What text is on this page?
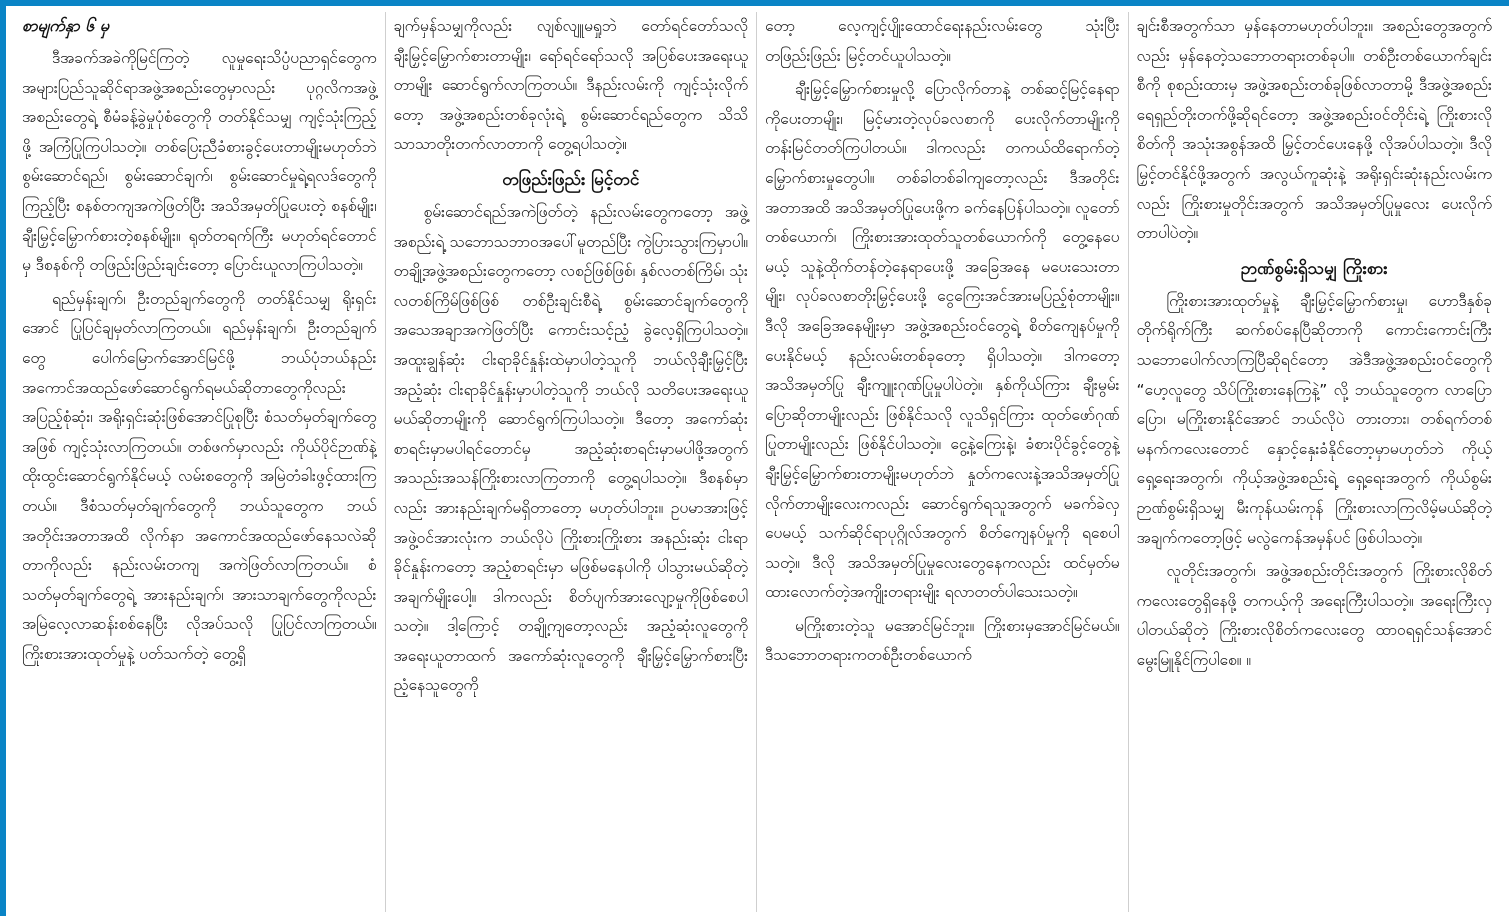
စာမျက်နှာ ၆ မှ

ဒီအခက်အခဲကိုမြင်ကြတဲ့ လူမှုရေးသိပ္ပံပညာရှင်တွေက အများပြည်သူဆိုင်ရာအဖွဲ့အစည်းတွေမှာလည်း ပုဂ္ဂလိကအဖွဲ့အစည်းတွေရဲ့ စီမံခန့်ခွဲမှုပုံစံတွေကို တတ်နိုင်သမျှ ကျင့်သုံးကြည့်ဖို့ အကြံပြုကြပါသတဲ့။ တစ်ပြေးညီခံစားခွင့်ပေးတာမျိုးမဟုတ်ဘဲ စွမ်းဆောင်ရည်၊ စွမ်းဆောင်ချက်၊ စွမ်းဆောင်မှုရဲ့ရလဒ်တွေကို ကြည့်ပြီး စနစ်တကျအကဲဖြတ်ပြီး အသိအမှတ်ပြုပေးတဲ့ စနစ်မျိုး၊ ချီးမြှင့်မြှောက်စားတဲ့စနစ်မျိုး။ ရုတ်တရက်ကြီး မဟုတ်ရင်တောင်မှ ဒီစနစ်ကို တဖြည်းဖြည်းချင်းတော့ ပြောင်းယူလာကြပါသတဲ့။

ရည်မှန်းချက်၊ ဦးတည်ချက်တွေကို တတ်နိုင်သမျှ ရိုးရှင်းအောင် ပြုပြင်ချမှတ်လာကြတယ်။ ရည်မှန်းချက်၊ ဦးတည်ချက်တွေ ပေါက်မြောက်အောင်မြင်ဖို့ ဘယ်ပုံဘယ်နည်း အကောင်အထည်ဖော်ဆောင်ရွက်ရမယ်ဆိုတာတွေကိုလည်း အပြည့်စုံဆုံး၊ အရိုးရှင်းဆုံးဖြစ်အောင်ပြုစုပြီး စံသတ်မှတ်ချက်တွေအဖြစ် ကျင့်သုံးလာကြတယ်။ တစ်ဖက်မှာလည်း ကိုယ်ပိုင်ဉာဏ်နဲ့ ထိုးထွင်းဆောင်ရွက်နိုင်မယ့် လမ်းစတွေကို အမြဲတံခါးဖွင့်ထားကြတယ်။ ဒီစံသတ်မှတ်ချက်တွေကို ဘယ်သူတွေက ဘယ်အတိုင်းအတာအထိ လိုက်နာ အကောင်အထည်ဖော်နေသလဲဆိုတာကိုလည်း နည်းလမ်းတကျ အကဲဖြတ်လာကြတယ်။ စံသတ်မှတ်ချက်တွေရဲ့ အားနည်းချက်၊ အားသာချက်တွေကိုလည်း အမြဲလေ့လာဆန်းစစ်နေပြီး လိုအပ်သလို ပြုပြင်လာကြတယ်။ ကြိုးစားအားထုတ်မှုနဲ့ ပတ်သက်တဲ့ တွေ့ရှိ

ချက်မှန်သမျှကိုလည်း လျစ်လျူမရှုဘဲ တော်ရင်တော်သလို ချီးမြှင့်မြှောက်စားတာမျိုး၊ ရော်ရင်ရော်သလို အပြစ်ပေးအရေးယူတာမျိုး ဆောင်ရွက်လာကြတယ်။ ဒီနည်းလမ်းကို ကျင့်သုံးလိုက်တော့ အဖွဲ့အစည်းတစ်ခုလုံးရဲ့ စွမ်းဆောင်ရည်တွေက သိသိသာသာတိုးတက်လာတာကို တွေ့ရပါသတဲ့။

တဖြည်းဖြည်း မြင့်တင်

စွမ်းဆောင်ရည်အကဲဖြတ်တဲ့ နည်းလမ်းတွေကတော့ အဖွဲ့အစည်းရဲ့ သဘောသဘာဝအပေါ်မူတည်ပြီး ကွဲပြားသွားကြမှာပါ။ တချို့အဖွဲ့အစည်းတွေကတော့ လစဉ်ဖြစ်ဖြစ်၊ နှစ်လတစ်ကြိမ်၊ သုံးလတစ်ကြိမ်ဖြစ်ဖြစ် တစ်ဦးချင်းစီရဲ့ စွမ်းဆောင်ချက်တွေကို အသေအချာအကဲဖြတ်ပြီး ကောင်းသင့်ညံ့ ခွဲလေ့ရှိကြပါသတဲ့။ အထူးချွန်ဆုံး ငါးရာခိုင်နှုန်းထဲမှာပါတဲ့သူကို ဘယ်လိုချီးမြှင့်ပြီး အညံ့ဆုံး ငါးရာခိုင်နှုန်းမှာပါတဲ့သူကို ဘယ်လို သတိပေးအရေးယူမယ်ဆိုတာမျိုးကို ဆောင်ရွက်ကြပါသတဲ့။ ဒီတော့ အကော်ဆုံးစာရင်းမှာမပါရင်တောင်မှ အညံ့ဆုံးစာရင်းမှာမပါဖို့အတွက် အသည်းအသန်ကြိုးစားလာကြတာကို တွေ့ရပါသတဲ့။ ဒီစနစ်မှာလည်း အားနည်းချက်မရှိတာတော့ မဟုတ်ပါဘူး။ ဥပမာအားဖြင့် အဖွဲ့ဝင်အားလုံးက ဘယ်လိုပဲ ကြိုးစားကြိုးစား အနည်းဆုံး ငါးရာခိုင်နှုန်းကတော့ အညံ့စာရင်းမှာ မဖြစ်မနေပါကို ပါသွားမယ်ဆိုတဲ့ အချက်မျိုးပေါ့။ ဒါကလည်း စိတ်ပျက်အားလျော့မှုကိုဖြစ်စေပါသတဲ့။ ဒါ့ကြောင့် တချို့ကျတော့လည်း အညံ့ဆုံးလူတွေကိုအရေးယူတာထက် အကော်ဆုံးလူတွေကို ချီးမြှင့်မြှောက်စားပြီး ညံ့နေသူတွေကို

တော့ လေ့ကျင့်ပျိုးထောင်ရေးနည်းလမ်းတွေ သုံးပြီး တဖြည်းဖြည်း မြင့်တင်ယူပါသတဲ့။

ချီးမြှင့်မြှောက်စားမှုလို့ ပြောလိုက်တာနဲ့ တစ်ဆင့်မြင့်နေရာကိုပေးတာမျိုး၊ မြင့်မားတဲ့လုပ်ခလစာကို ပေးလိုက်တာမျိုးကို တန်းမြင်တတ်ကြပါတယ်။ ဒါကလည်း တကယ်ထိရောက်တဲ့မြှောက်စားမှုတွေပါ။ တစ်ခါတစ်ခါကျတော့လည်း ဒီအတိုင်း အတာအထိ အသိအမှတ်ပြုပေးဖို့က ခက်နေပြန်ပါသတဲ့။ လူတော်တစ်ယောက်၊ ကြိုးစားအားထုတ်သူတစ်ယောက်ကို တွေ့နေပေမယ့် သူနဲ့ထိုက်တန်တဲ့နေရာပေးဖို့ အခြေအနေ မပေးသေးတာမျိုး၊ လုပ်ခလစာတိုးမြှင့်ပေးဖို့ ငွေကြေးအင်အားမပြည့်စုံတာမျိုး။ ဒီလို အခြေအနေမျိုးမှာ အဖွဲ့အစည်းဝင်တွေရဲ့ စိတ်ကျေနပ်မှုကိုပေးနိုင်မယ့် နည်းလမ်းတစ်ခုတော့ ရှိပါသတဲ့။ ဒါကတော့ အသိအမှတ်ပြု ချီးကျူးဂုဏ်ပြုမှုပါပဲတဲ့။ နှစ်ကိုယ်ကြား ချီးမွမ်းပြောဆိုတာမျိုးလည်း ဖြစ်နိုင်သလို လူသိရှင်ကြား ထုတ်ဖော်ဂုဏ်ပြုတာမျိုးလည်း ဖြစ်နိုင်ပါသတဲ့။ ငွေ့နဲ့ကြေးနဲ့၊ ခံစားပိုင်ခွင့်တွေနဲ့ ချီးမြှင့်မြှောက်စားတာမျိုးမဟုတ်ဘဲ နှုတ်ကလေးနဲ့အသိအမှတ်ပြုလိုက်တာမျိုးလေးကလည်း ဆောင်ရွက်ရသူအတွက် မခက်ခဲလှပေမယ့် သက်ဆိုင်ရာပုဂ္ဂိုလ်အတွက် စိတ်ကျေနပ်မှုကို ရစေပါသတဲ့။ ဒီလို အသိအမှတ်ပြုမှုလေးတွေနေကလည်း ထင်မှတ်မထားလောက်တဲ့အကျိုးတရားမျိုး ရလာတတ်ပါသေးသတဲ့။

မကြိုးစားတဲ့သူ မအောင်မြင်ဘူး။ ကြိုးစားမှအောင်မြင်မယ်။ ဒီသဘောတရားကတစ်ဦးတစ်ယောက်

ချင်းစီအတွက်သာ မှန်နေတာမဟုတ်ပါဘူး။ အစည်းတွေအတွက်လည်း မှန်နေတဲ့သဘောတရားတစ်ခုပါ။ တစ်ဦးတစ်ယောက်ချင်းစီကို စုစည်းထားမှ အဖွဲ့အစည်းတစ်ခုဖြစ်လာတာမို့ ဒီအဖွဲ့အစည်းရေရှည်တိုးတက်ဖို့ဆိုရင်တော့ အဖွဲ့အစည်းဝင်တိုင်းရဲ့ ကြိုးစားလိုစိတ်ကို အသုံးအစွန်အထိ မြှင့်တင်ပေးနေဖို့ လိုအပ်ပါသတဲ့။ ဒီလို မြှင့်တင်နိုင်ဖို့အတွက် အလွယ်ကူဆုံးနဲ့ အရိုးရှင်းဆုံးနည်းလမ်းကလည်း ကြိုးစားမှုတိုင်းအတွက် အသိအမှတ်ပြုမှုလေး ပေးလိုက်တာပါပဲတဲ့။

ဉာဏ်စွမ်းရှိသမျှ ကြိုးစား

ကြိုးစားအားထုတ်မှုနဲ့ ချီးမြှင့်မြှောက်စားမှု၊ ဟောဒီနှစ်ခု တိုက်ရိုက်ကြီး ဆက်စပ်နေပြီဆိုတာကို ကောင်းကောင်းကြီး သဘောပေါက်လာကြပြီဆိုရင်တော့ အဲဒီအဖွဲ့အစည်းဝင်တွေကို “ဟေ့လူတွေ သိပ်ကြိုးစားနေကြနဲ့” လို့ ဘယ်သူတွေက လာပြောပြော၊ မကြိုးစားနိုင်အောင် ဘယ်လိုပဲ တားတား၊ တစ်ရက်တစ်မနက်ကလေးတောင် နှောင့်နှေးခံနိုင်တော့မှာမဟုတ်ဘဲ ကိုယ့်ရှေ့ရေးအတွက်၊ ကိုယ့်အဖွဲ့အစည်းရဲ့ ရှေ့ရေးအတွက် ကိုယ်စွမ်းဉာဏ်စွမ်းရှိသမျှ မီးကုန်ယမ်းကုန် ကြိုးစားလာကြလိမ့်မယ်ဆိုတဲ့ အချက်ကတော့ဖြင့် မလွဲကေန်အမှန်ပင် ဖြစ်ပါသတဲ့။

လူတိုင်းအတွက်၊ အဖွဲ့အစည်းတိုင်းအတွက် ကြိုးစားလိုစိတ်ကလေးတွေရှိနေဖို့ တကယ့်ကို အရေးကြီးပါသတဲ့။ အရေးကြီးလှပါတယ်ဆိုတဲ့ ကြိုးစားလိုစိတ်ကလေးတွေ ထာဝရရှင်သန်အောင် မွေးမြူနိုင်ကြပါစေ။ ။
